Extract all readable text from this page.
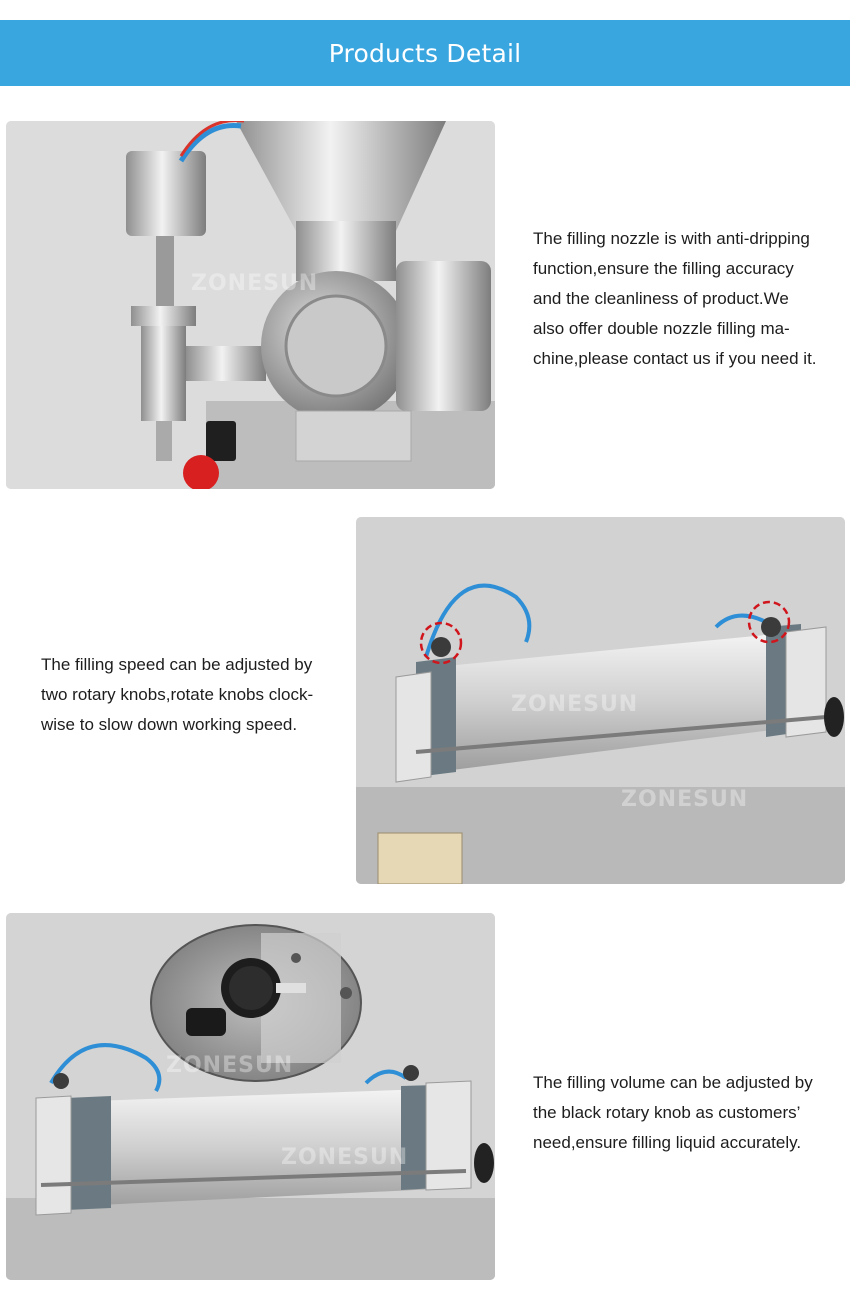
Products Detail
ZONESUN
The filling nozzle is with anti-dripping
function,ensure the filling accuracy
and the cleanliness of product.We
also offer double nozzle filling ma-
chine,please contact us if you need it.
The filling speed can be adjusted by
two rotary knobs,rotate knobs clock-
wise to slow down working speed.
ZONESUN
ZONESUN
ZONESUN
ZONESUN
The filling volume can be adjusted by
the black rotary knob as customers’
need,ensure filling liquid accurately.
